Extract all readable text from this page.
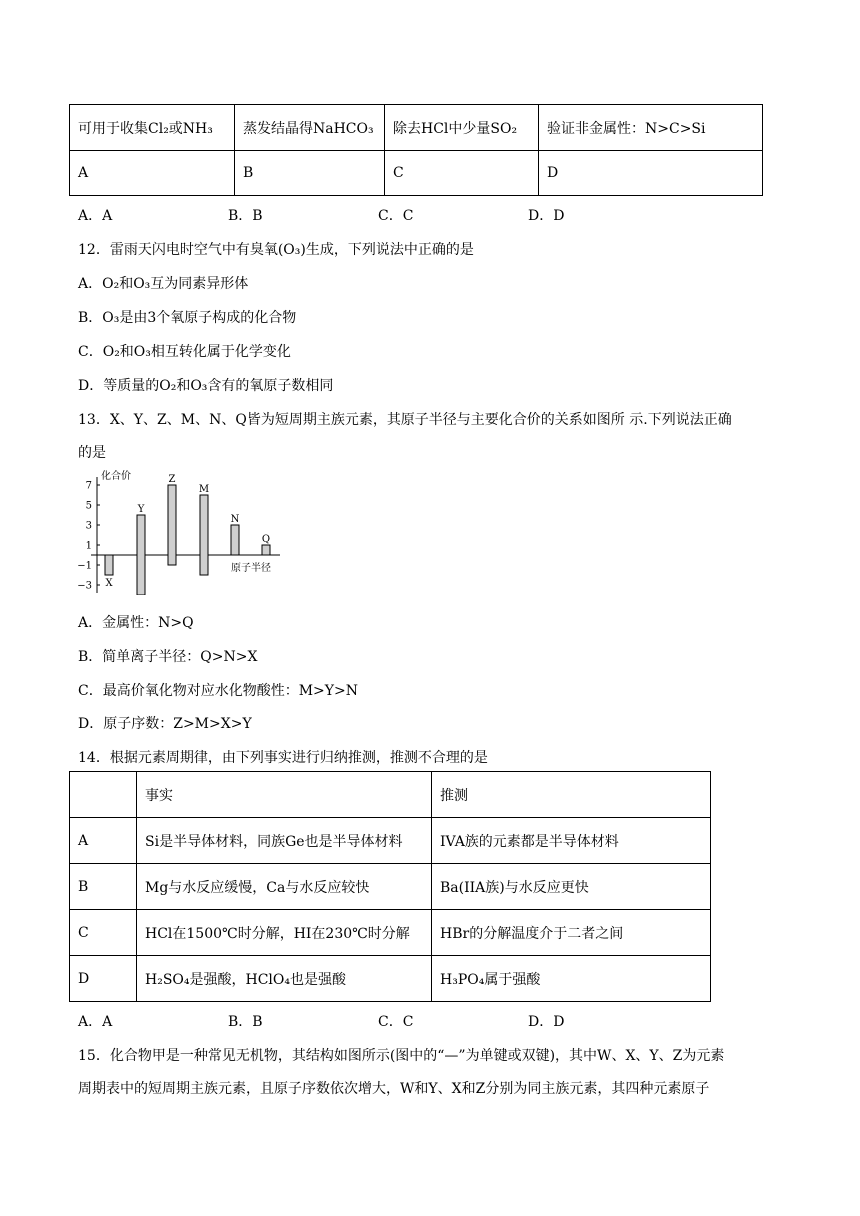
可用于收集Cl₂或NH₃	蒸发结晶得NaHCO₃	除去HCl中少量SO₂	验证非金属性：N>C>Si
A	B	C	D
A．A	B．B	C．C	D．D
12．雷雨天闪电时空气中有臭氧(O₃)生成，下列说法中正确的是
A．O₂和O₃互为同素异形体
B．O₃是由3个氧原子构成的化合物
C．O₂和O₃相互转化属于化学变化
D．等质量的O₂和O₃含有的氧原子数相同
13．X、Y、Z、M、N、Q皆为短周期主族元素，其原子半径与主要化合价的关系如图所 示.下列说法正确
的是
化合价
原子半径
7
5
3
1
−1
−3 X
Y
Z
M
N
Q
A．金属性：N>Q
B．简单离子半径：Q>N>X
C．最高价氧化物对应水化物酸性：M>Y>N
D．原子序数：Z>M>X>Y
14．根据元素周期律，由下列事实进行归纳推测，推测不合理的是
	事实	推测
A	Si是半导体材料，同族Ge也是半导体材料	IVA族的元素都是半导体材料
B	Mg与水反应缓慢，Ca与水反应较快	Ba(IIA族)与水反应更快
C	HCl在1500℃时分解，HI在230℃时分解	HBr的分解温度介于二者之间
D	H₂SO₄是强酸，HClO₄也是强酸	H₃PO₄属于强酸
A．A	B．B	C．C	D．D
15．化合物甲是一种常见无机物，其结构如图所示(图中的“—”为单键或双键)，其中W、X、Y、Z为元素
周期表中的短周期主族元素，且原子序数依次增大，W和Y、X和Z分别为同主族元素，其四种元素原子
